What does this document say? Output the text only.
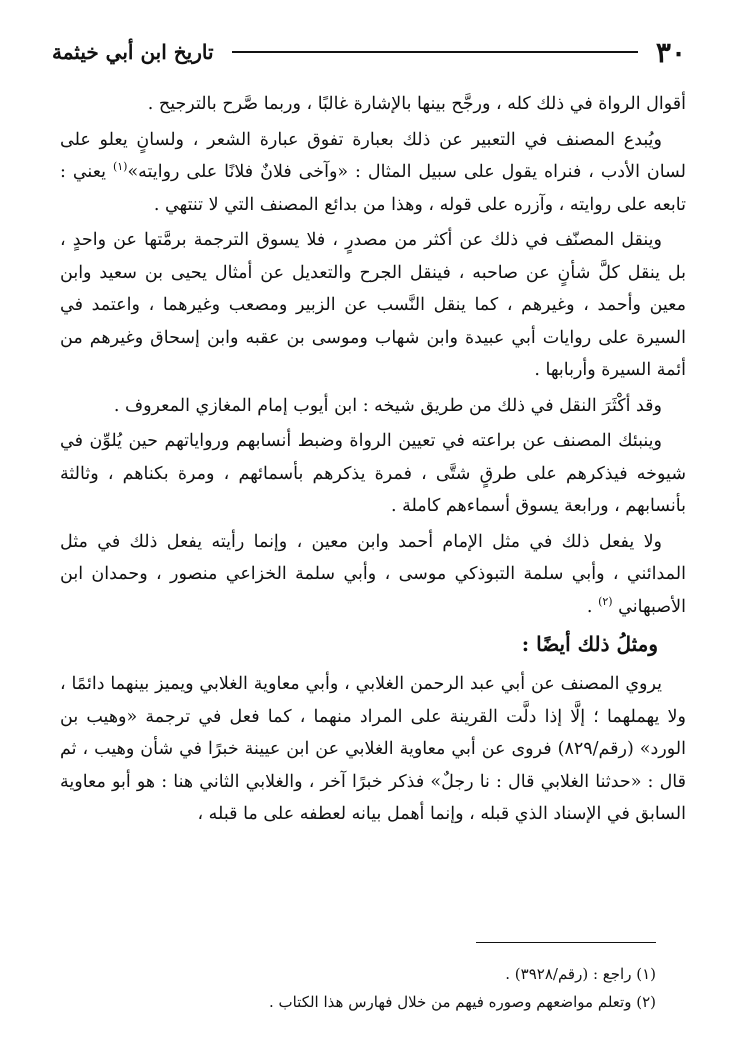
٣٠
تاريخ ابن أبي خيثمة

أقوال الرواة في ذلك كله ، ورجَّح بينها بالإشارة غالبًا ، وربما صَّرح بالترجيح .

ويُبدع المصنف في التعبير عن ذلك بعبارة تفوق عبارة الشعر ، ولسانٍ يعلو على لسان الأدب ، فنراه يقول على سبيل المثال : «وآخى فلانٌ فلانًا على روايته»$^{(١)}$ يعني : تابعه على روايته ، وآزره على قوله ، وهذا من بدائع المصنف التي لا تنتهي .

وينقل المصنّف في ذلك عن أكثر من مصدرٍ ، فلا يسوق الترجمة برمَّتها عن واحدٍ ، بل ينقل كلَّ شأنٍ عن صاحبه ، فينقل الجرح والتعديل عن أمثال يحيى بن سعيد وابن معين وأحمد ، وغيرهم ، كما ينقل النَّسب عن الزبير ومصعب وغيرهما ، واعتمد في السيرة على روايات أبي عبيدة وابن شهاب وموسى بن عقبه وابن إسحاق وغيرهم من أئمة السيرة وأربابها .

وقد أكْثَرَ النقل في ذلك من طريق شيخه : ابن أيوب إمام المغازي المعروف .

وينبئك المصنف عن براعته في تعيين الرواة وضبط أنسابهم ورواياتهم حين يُلوِّن في شيوخه فيذكرهم على طرقٍ شتَّى ، فمرة يذكرهم بأسمائهم ، ومرة بكناهم ، وثالثة بأنسابهم ، ورابعة يسوق أسماءهم كاملة .

ولا يفعل ذلك في مثل الإمام أحمد وابن معين ، وإنما رأيته يفعل ذلك في مثل المدائني ، وأبي سلمة التبوذكي موسى ، وأبي سلمة الخزاعي منصور ، وحمدان ابن الأصبهاني $^{(٢)}$ .

ومثلُ ذلك أيضًا :

يروي المصنف عن أبي عبد الرحمن الغلابي ، وأبي معاوية الغلابي ويميز بينهما دائمًا ، ولا يهملهما ؛ إلَّا إذا دلَّت القرينة على المراد منهما ، كما فعل في ترجمة «وهيب بن الورد» (رقم/٨٢٩) فروى عن أبي معاوية الغلابي عن ابن عيينة خبرًا في شأن وهيب ، ثم قال : «حدثنا الغلابي قال : نا رجلٌ» فذكر خبرًا آخر ، والغلابي الثاني هنا : هو أبو معاوية السابق في الإسناد الذي قبله ، وإنما أهمل بيانه لعطفه على ما قبله ،

(١) راجع : (رقم/٣٩٢٨) .
(٢) وتعلم مواضعهم وصوره فيهم من خلال فهارس هذا الكتاب .
